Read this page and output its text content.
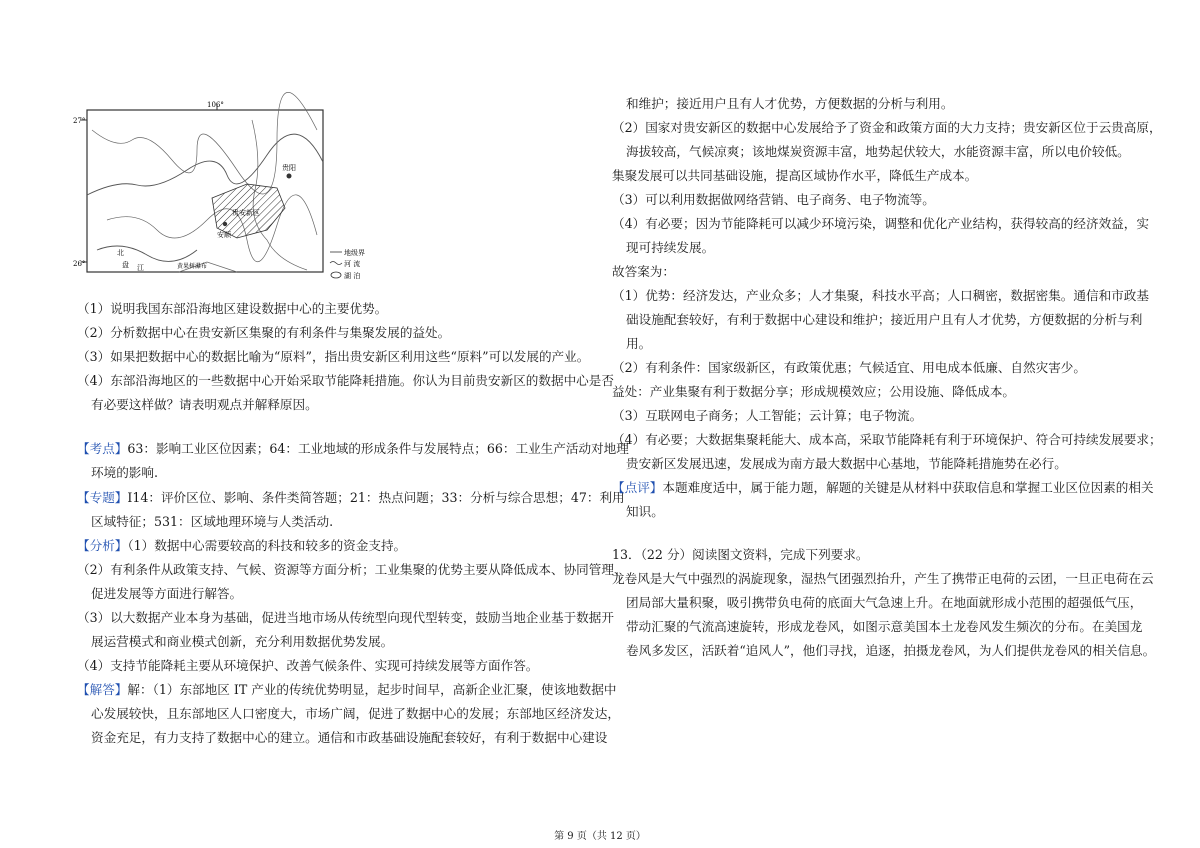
106°
27°
26°
贵阳
贵安新区
安顺
北
盘 江	黄果树瀑布
地级界
河 流
湖 泊
（1）说明我国东部沿海地区建设数据中心的主要优势。
（2）分析数据中心在贵安新区集聚的有利条件与集聚发展的益处。
（3）如果把数据中心的数据比喻为“原料”，指出贵安新区利用这些“原料”可以发展的产业。
（4）东部沿海地区的一些数据中心开始采取节能降耗措施。你认为目前贵安新区的数据中心是否
有必要这样做？请表明观点并解释原因。
【考点】63：影响工业区位因素；64：工业地域的形成条件与发展特点；66：工业生产活动对地理
环境的影响.
【专题】I14：评价区位、影响、条件类简答题；21：热点问题；33：分析与综合思想；47：利用
区域特征；531：区域地理环境与人类活动.
【分析】（1）数据中心需要较高的科技和较多的资金支持。
（2）有利条件从政策支持、气候、资源等方面分析；工业集聚的优势主要从降低成本、协同管理、
促进发展等方面进行解答。
（3）以大数据产业本身为基础，促进当地市场从传统型向现代型转变，鼓励当地企业基于数据开
展运营模式和商业模式创新，充分利用数据优势发展。
（4）支持节能降耗主要从环境保护、改善气候条件、实现可持续发展等方面作答。
【解答】解：（1）东部地区 IT 产业的传统优势明显，起步时间早，高新企业汇聚，使该地数据中
心发展较快，且东部地区人口密度大，市场广阔，促进了数据中心的发展；东部地区经济发达，
资金充足，有力支持了数据中心的建立。通信和市政基础设施配套较好，有利于数据中心建设
和维护；接近用户且有人才优势，方便数据的分析与利用。
（2）国家对贵安新区的数据中心发展给予了资金和政策方面的大力支持；贵安新区位于云贵高原，
海拔较高，气候凉爽；该地煤炭资源丰富，地势起伏较大，水能资源丰富，所以电价较低。
集聚发展可以共同基础设施，提高区域协作水平，降低生产成本。
（3）可以利用数据做网络营销、电子商务、电子物流等。
（4）有必要；因为节能降耗可以减少环境污染，调整和优化产业结构，获得较高的经济效益，实
现可持续发展。
故答案为：
（1）优势：经济发达，产业众多；人才集聚，科技水平高；人口稠密，数据密集。通信和市政基
础设施配套较好，有利于数据中心建设和维护；接近用户且有人才优势，方便数据的分析与利
用。
（2）有利条件：国家级新区，有政策优惠；气候适宜、用电成本低廉、自然灾害少。
益处：产业集聚有利于数据分享；形成规模效应；公用设施、降低成本。
（3）互联网电子商务；人工智能；云计算；电子物流。
（4）有必要；大数据集聚耗能大、成本高，采取节能降耗有利于环境保护、符合可持续发展要求；
贵安新区发展迅速，发展成为南方最大数据中心基地，节能降耗措施势在必行。
【点评】本题难度适中，属于能力题，解题的关键是从材料中获取信息和掌握工业区位因素的相关
知识。
13．（22 分）阅读图文资料，完成下列要求。
龙卷风是大气中强烈的涡旋现象，湿热气团强烈抬升，产生了携带正电荷的云团，一旦正电荷在云
团局部大量积聚，吸引携带负电荷的底面大气急速上升。在地面就形成小范围的超强低气压，
带动汇聚的气流高速旋转，形成龙卷风，如图示意美国本土龙卷风发生频次的分布。在美国龙
卷风多发区，活跃着“追风人”，他们寻找，追逐，拍摄龙卷风，为人们提供龙卷风的相关信息。
第 9 页（共 12 页）
